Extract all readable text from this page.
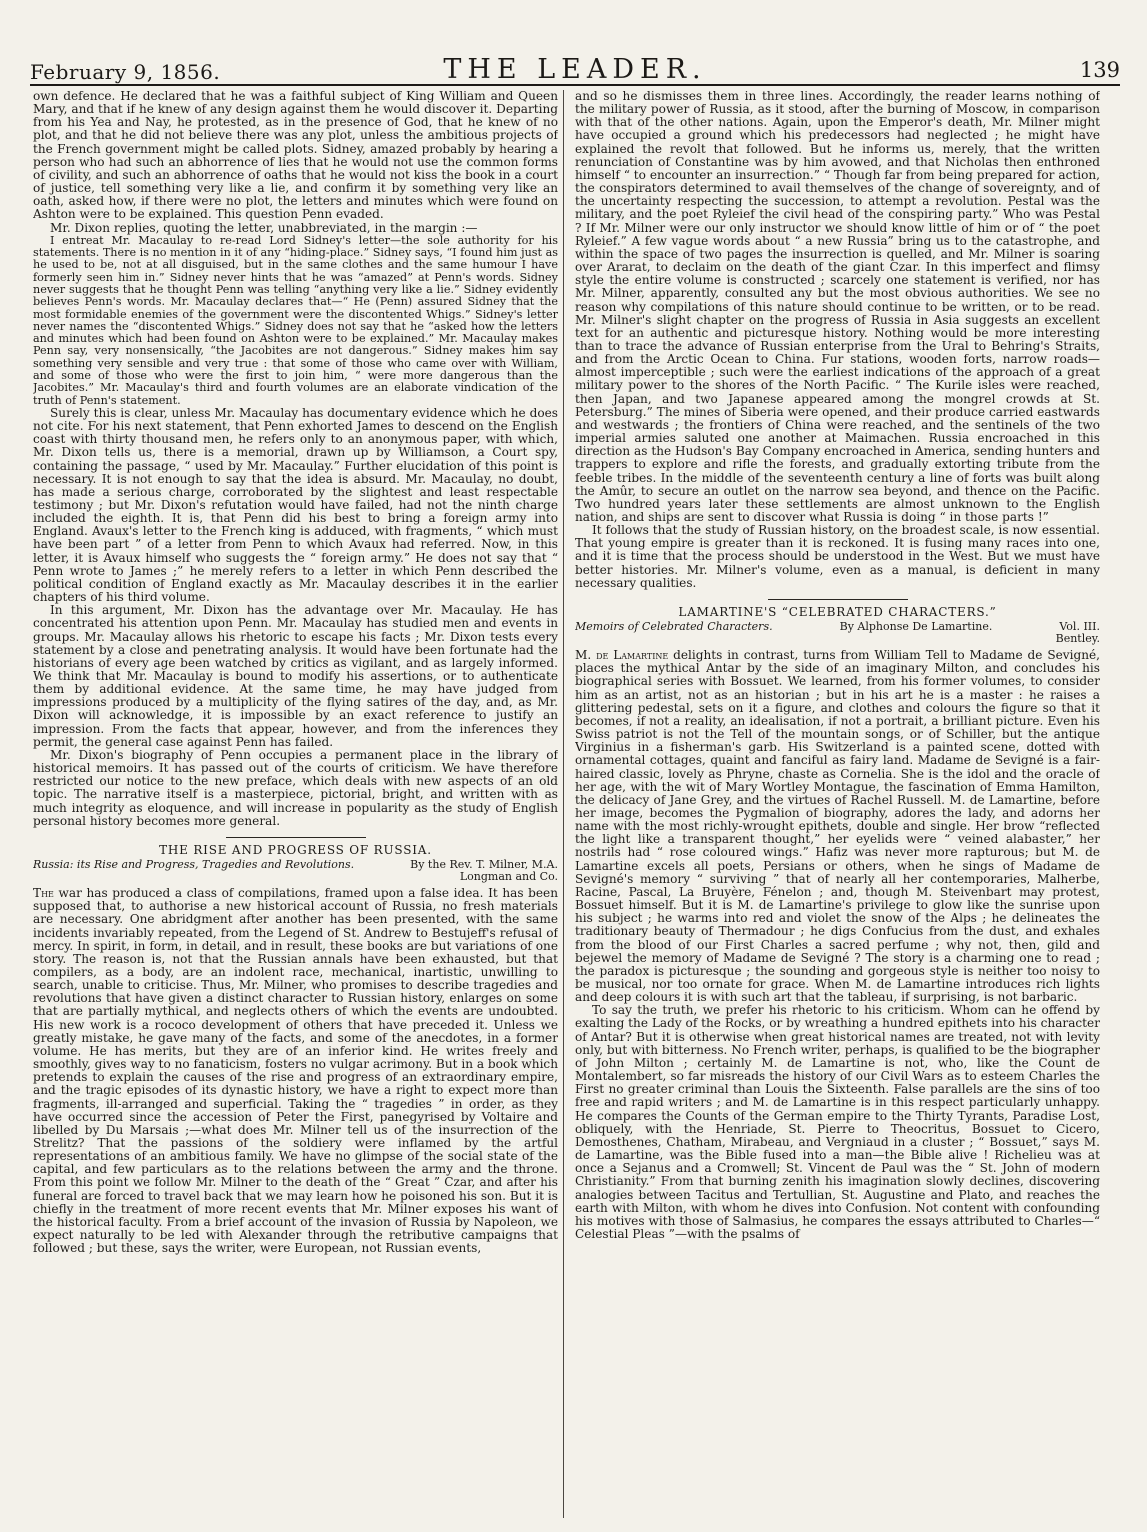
February 9, 1856.	THE LEADER.	139

own defence. He declared that he was a faithful subject of King William and Queen Mary, and that if he knew of any design against them he would discover it. Departing from his Yea and Nay, he protested, as in the presence of God, that he knew of no plot, and that he did not believe there was any plot, unless the ambitious projects of the French government might be called plots. Sidney, amazed probably by hearing a person who had such an abhorrence of lies that he would not use the common forms of civility, and such an abhorrence of oaths that he would not kiss the book in a court of justice, tell something very like a lie, and confirm it by something very like an oath, asked how, if there were no plot, the letters and minutes which were found on Ashton were to be explained. This question Penn evaded.

Mr. Dixon replies, quoting the letter, unabbreviated, in the margin :—

I entreat Mr. Macaulay to re-read Lord Sidney's letter—the sole authority for his statements. There is no mention in it of any “hiding-place.” Sidney says, “I found him just as he used to be, not at all disguised, but in the same clothes and the same humour I have formerly seen him in.” Sidney never hints that he was “amazed” at Penn's words. Sidney never suggests that he thought Penn was telling “anything very like a lie.” Sidney evidently believes Penn's words. Mr. Macaulay declares that—“ He (Penn) assured Sidney that the most formidable enemies of the government were the discontented Whigs.” Sidney's letter never names the “discontented Whigs.” Sidney does not say that he “asked how the letters and minutes which had been found on Ashton were to be explained.” Mr. Macaulay makes Penn say, very nonsensically, “the Jacobites are not dangerous.” Sidney makes him say something very sensible and very true : that some of those who came over with William, and some of those who were the first to join him, “ were more dangerous than the Jacobites.” Mr. Macaulay's third and fourth volumes are an elaborate vindication of the truth of Penn's statement.

Surely this is clear, unless Mr. Macaulay has documentary evidence which he does not cite. For his next statement, that Penn exhorted James to descend on the English coast with thirty thousand men, he refers only to an anonymous paper, with which, Mr. Dixon tells us, there is a memorial, drawn up by Williamson, a Court spy, containing the passage, “ used by Mr. Macaulay.” Further elucidation of this point is necessary. It is not enough to say that the idea is absurd. Mr. Macaulay, no doubt, has made a serious charge, corroborated by the slightest and least respectable testimony ; but Mr. Dixon's refutation would have failed, had not the ninth charge included the eighth. It is, that Penn did his best to bring a foreign army into England. Avaux's letter to the French king is adduced, with fragments, “ which must have been part ” of a letter from Penn to which Avaux had referred. Now, in this letter, it is Avaux himself who suggests the “ foreign army.” He does not say that “ Penn wrote to James ;” he merely refers to a letter in which Penn described the political condition of England exactly as Mr. Macaulay describes it in the earlier chapters of his third volume.

In this argument, Mr. Dixon has the advantage over Mr. Macaulay. He has concentrated his attention upon Penn. Mr. Macaulay has studied men and events in groups. Mr. Macaulay allows his rhetoric to escape his facts ; Mr. Dixon tests every statement by a close and penetrating analysis. It would have been fortunate had the historians of every age been watched by critics as vigilant, and as largely informed. We think that Mr. Macaulay is bound to modify his assertions, or to authenticate them by additional evidence. At the same time, he may have judged from impressions produced by a multiplicity of the flying satires of the day, and, as Mr. Dixon will acknowledge, it is impossible by an exact reference to justify an impression. From the facts that appear, however, and from the inferences they permit, the general case against Penn has failed.

Mr. Dixon's biography of Penn occupies a permanent place in the library of historical memoirs. It has passed out of the courts of criticism. We have therefore restricted our notice to the new preface, which deals with new aspects of an old topic. The narrative itself is a masterpiece, pictorial, bright, and written with as much integrity as eloquence, and will increase in popularity as the study of English personal history becomes more general.

THE RISE AND PROGRESS OF RUSSIA.
Russia: its Rise and Progress, Tragedies and Revolutions.	By the Rev. T. Milner, M.A.
Longman and Co.

The war has produced a class of compilations, framed upon a false idea. It has been supposed that, to authorise a new historical account of Russia, no fresh materials are necessary. One abridgment after another has been presented, with the same incidents invariably repeated, from the Legend of St. Andrew to Bestujeff's refusal of mercy. In spirit, in form, in detail, and in result, these books are but variations of one story. The reason is, not that the Russian annals have been exhausted, but that compilers, as a body, are an indolent race, mechanical, inartistic, unwilling to search, unable to criticise. Thus, Mr. Milner, who promises to describe tragedies and revolutions that have given a distinct character to Russian history, enlarges on some that are partially mythical, and neglects others of which the events are undoubted. His new work is a rococo development of others that have preceded it. Unless we greatly mistake, he gave many of the facts, and some of the anecdotes, in a former volume. He has merits, but they are of an inferior kind. He writes freely and smoothly, gives way to no fanaticism, fosters no vulgar acrimony. But in a book which pretends to explain the causes of the rise and progress of an extraordinary empire, and the tragic episodes of its dynastic history, we have a right to expect more than fragments, ill-arranged and superficial. Taking the “ tragedies ” in order, as they have occurred since the accession of Peter the First, panegyrised by Voltaire and libelled by Du Marsais ;—what does Mr. Milner tell us of the insurrection of the Strelitz? That the passions of the soldiery were inflamed by the artful representations of an ambitious family. We have no glimpse of the social state of the capital, and few particulars as to the relations between the army and the throne. From this point we follow Mr. Milner to the death of the “ Great ” Czar, and after his funeral are forced to travel back that we may learn how he poisoned his son. But it is chiefly in the treatment of more recent events that Mr. Milner exposes his want of the historical faculty. From a brief account of the invasion of Russia by Napoleon, we expect naturally to be led with Alexander through the retributive campaigns that followed ; but these, says the writer, were European, not Russian events,

and so he dismisses them in three lines. Accordingly, the reader learns nothing of the military power of Russia, as it stood, after the burning of Moscow, in comparison with that of the other nations. Again, upon the Emperor's death, Mr. Milner might have occupied a ground which his predecessors had neglected ; he might have explained the revolt that followed. But he informs us, merely, that the written renunciation of Constantine was by him avowed, and that Nicholas then enthroned himself “ to encounter an insurrection.” “ Though far from being prepared for action, the conspirators determined to avail themselves of the change of sovereignty, and of the uncertainty respecting the succession, to attempt a revolution. Pestal was the military, and the poet Ryleief the civil head of the conspiring party.” Who was Pestal ? If Mr. Milner were our only instructor we should know little of him or of “ the poet Ryleief.” A few vague words about “ a new Russia” bring us to the catastrophe, and within the space of two pages the insurrection is quelled, and Mr. Milner is soaring over Ararat, to declaim on the death of the giant Czar. In this imperfect and flimsy style the entire volume is constructed ; scarcely one statement is verified, nor has Mr. Milner, apparently, consulted any but the most obvious authorities. We see no reason why compilations of this nature should continue to be written, or to be read. Mr. Milner's slight chapter on the progress of Russia in Asia suggests an excellent text for an authentic and picturesque history. Nothing would be more interesting than to trace the advance of Russian enterprise from the Ural to Behring's Straits, and from the Arctic Ocean to China. Fur stations, wooden forts, narrow roads—almost imperceptible ; such were the earliest indications of the approach of a great military power to the shores of the North Pacific. “ The Kurile isles were reached, then Japan, and two Japanese appeared among the mongrel crowds at St. Petersburg.” The mines of Siberia were opened, and their produce carried eastwards and westwards ; the frontiers of China were reached, and the sentinels of the two imperial armies saluted one another at Maimachen. Russia encroached in this direction as the Hudson's Bay Company encroached in America, sending hunters and trappers to explore and rifle the forests, and gradually extorting tribute from the feeble tribes. In the middle of the seventeenth century a line of forts was built along the Amûr, to secure an outlet on the narrow sea beyond, and thence on the Pacific. Two hundred years later these settlements are almost unknown to the English nation, and ships are sent to discover what Russia is doing “ in those parts !”

It follows that the study of Russian history, on the broadest scale, is now essential. That young empire is greater than it is reckoned. It is fusing many races into one, and it is time that the process should be understood in the West. But we must have better histories. Mr. Milner's volume, even as a manual, is deficient in many necessary qualities.

LAMARTINE'S “CELEBRATED CHARACTERS.”
Memoirs of Celebrated Characters.	By Alphonse De Lamartine.	Vol. III.
Bentley.

M. de Lamartine delights in contrast, turns from William Tell to Madame de Sevigné, places the mythical Antar by the side of an imaginary Milton, and concludes his biographical series with Bossuet. We learned, from his former volumes, to consider him as an artist, not as an historian ; but in his art he is a master : he raises a glittering pedestal, sets on it a figure, and clothes and colours the figure so that it becomes, if not a reality, an idealisation, if not a portrait, a brilliant picture. Even his Swiss patriot is not the Tell of the mountain songs, or of Schiller, but the antique Virginius in a fisherman's garb. His Switzerland is a painted scene, dotted with ornamental cottages, quaint and fanciful as fairy land. Madame de Sevigné is a fair-haired classic, lovely as Phryne, chaste as Cornelia. She is the idol and the oracle of her age, with the wit of Mary Wortley Montague, the fascination of Emma Hamilton, the delicacy of Jane Grey, and the virtues of Rachel Russell. M. de Lamartine, before her image, becomes the Pygmalion of biography, adores the lady, and adorns her name with the most richly-wrought epithets, double and single. Her brow “reflected the light like a transparent thought,” her eyelids were “ veined alabaster,” her nostrils had “ rose coloured wings.” Hafiz was never more rapturous; but M. de Lamartine excels all poets, Persians or others, when he sings of Madame de Sevigné's memory “ surviving ” that of nearly all her contemporaries, Malherbe, Racine, Pascal, La Bruyère, Fénelon ; and, though M. Steivenbart may protest, Bossuet himself. But it is M. de Lamartine's privilege to glow like the sunrise upon his subject ; he warms into red and violet the snow of the Alps ; he delineates the traditionary beauty of Thermadour ; he digs Confucius from the dust, and exhales from the blood of our First Charles a sacred perfume ; why not, then, gild and bejewel the memory of Madame de Sevigné ? The story is a charming one to read ; the paradox is picturesque ; the sounding and gorgeous style is neither too noisy to be musical, nor too ornate for grace. When M. de Lamartine introduces rich lights and deep colours it is with such art that the tableau, if surprising, is not barbaric.

To say the truth, we prefer his rhetoric to his criticism. Whom can he offend by exalting the Lady of the Rocks, or by wreathing a hundred epithets into his character of Antar? But it is otherwise when great historical names are treated, not with levity only, but with bitterness. No French writer, perhaps, is qualified to be the biographer of John Milton ; certainly M. de Lamartine is not, who, like the Count de Montalembert, so far misreads the history of our Civil Wars as to esteem Charles the First no greater criminal than Louis the Sixteenth. False parallels are the sins of too free and rapid writers ; and M. de Lamartine is in this respect particularly unhappy. He compares the Counts of the German empire to the Thirty Tyrants, Paradise Lost, obliquely, with the Henriade, St. Pierre to Theocritus, Bossuet to Cicero, Demosthenes, Chatham, Mirabeau, and Vergniaud in a cluster ; “ Bossuet,” says M. de Lamartine, was the Bible fused into a man—the Bible alive ! Richelieu was at once a Sejanus and a Cromwell; St. Vincent de Paul was the “ St. John of modern Christianity.” From that burning zenith his imagination slowly declines, discovering analogies between Tacitus and Tertullian, St. Augustine and Plato, and reaches the earth with Milton, with whom he dives into Confusion. Not content with confounding his motives with those of Salmasius, he compares the essays attributed to Charles—“ Celestial Pleas ”—with the psalms of
